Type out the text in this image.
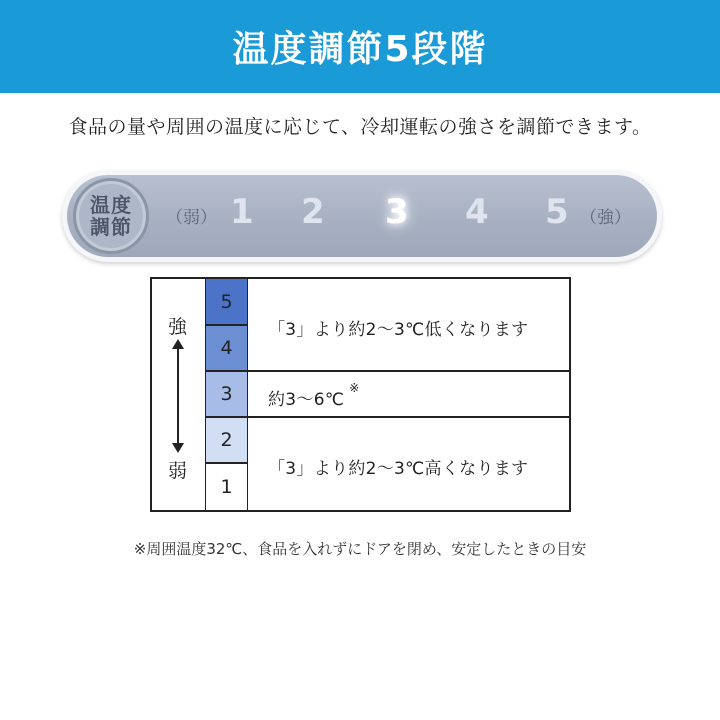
温度調節5段階
食品の量や周囲の温度に応じて、冷却運転の強さを調節できます。
温度
調節 （弱） 1 2 3 4 5 （強）
強
弱
5
4
3
2
1
「3」より約2～3℃低くなります
約3～6℃※
「3」より約2～3℃高くなります
※周囲温度32℃、食品を入れずにドアを閉め、安定したときの目安
